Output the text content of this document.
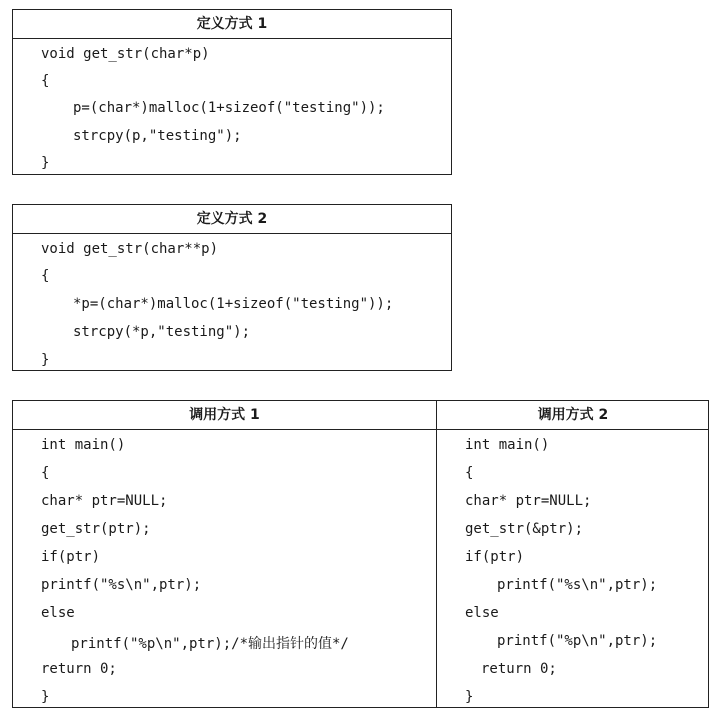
定义方式 1

void get_str(char*p)

{

p=(char*)malloc(1+sizeof("testing"));

strcpy(p,"testing");

}

定义方式 2

void get_str(char**p)

{

*p=(char*)malloc(1+sizeof("testing"));

strcpy(*p,"testing");

}

调用方式 1

int main()

{

char* ptr=NULL;

get_str(ptr);

if(ptr)

printf("%s\n",ptr);

else

printf("%p\n",ptr);/*输出指针的值*/

return 0;

}

调用方式 2

int main()

{

char* ptr=NULL;

get_str(&ptr);

if(ptr)

printf("%s\n",ptr);

else

printf("%p\n",ptr);

return 0;

}
